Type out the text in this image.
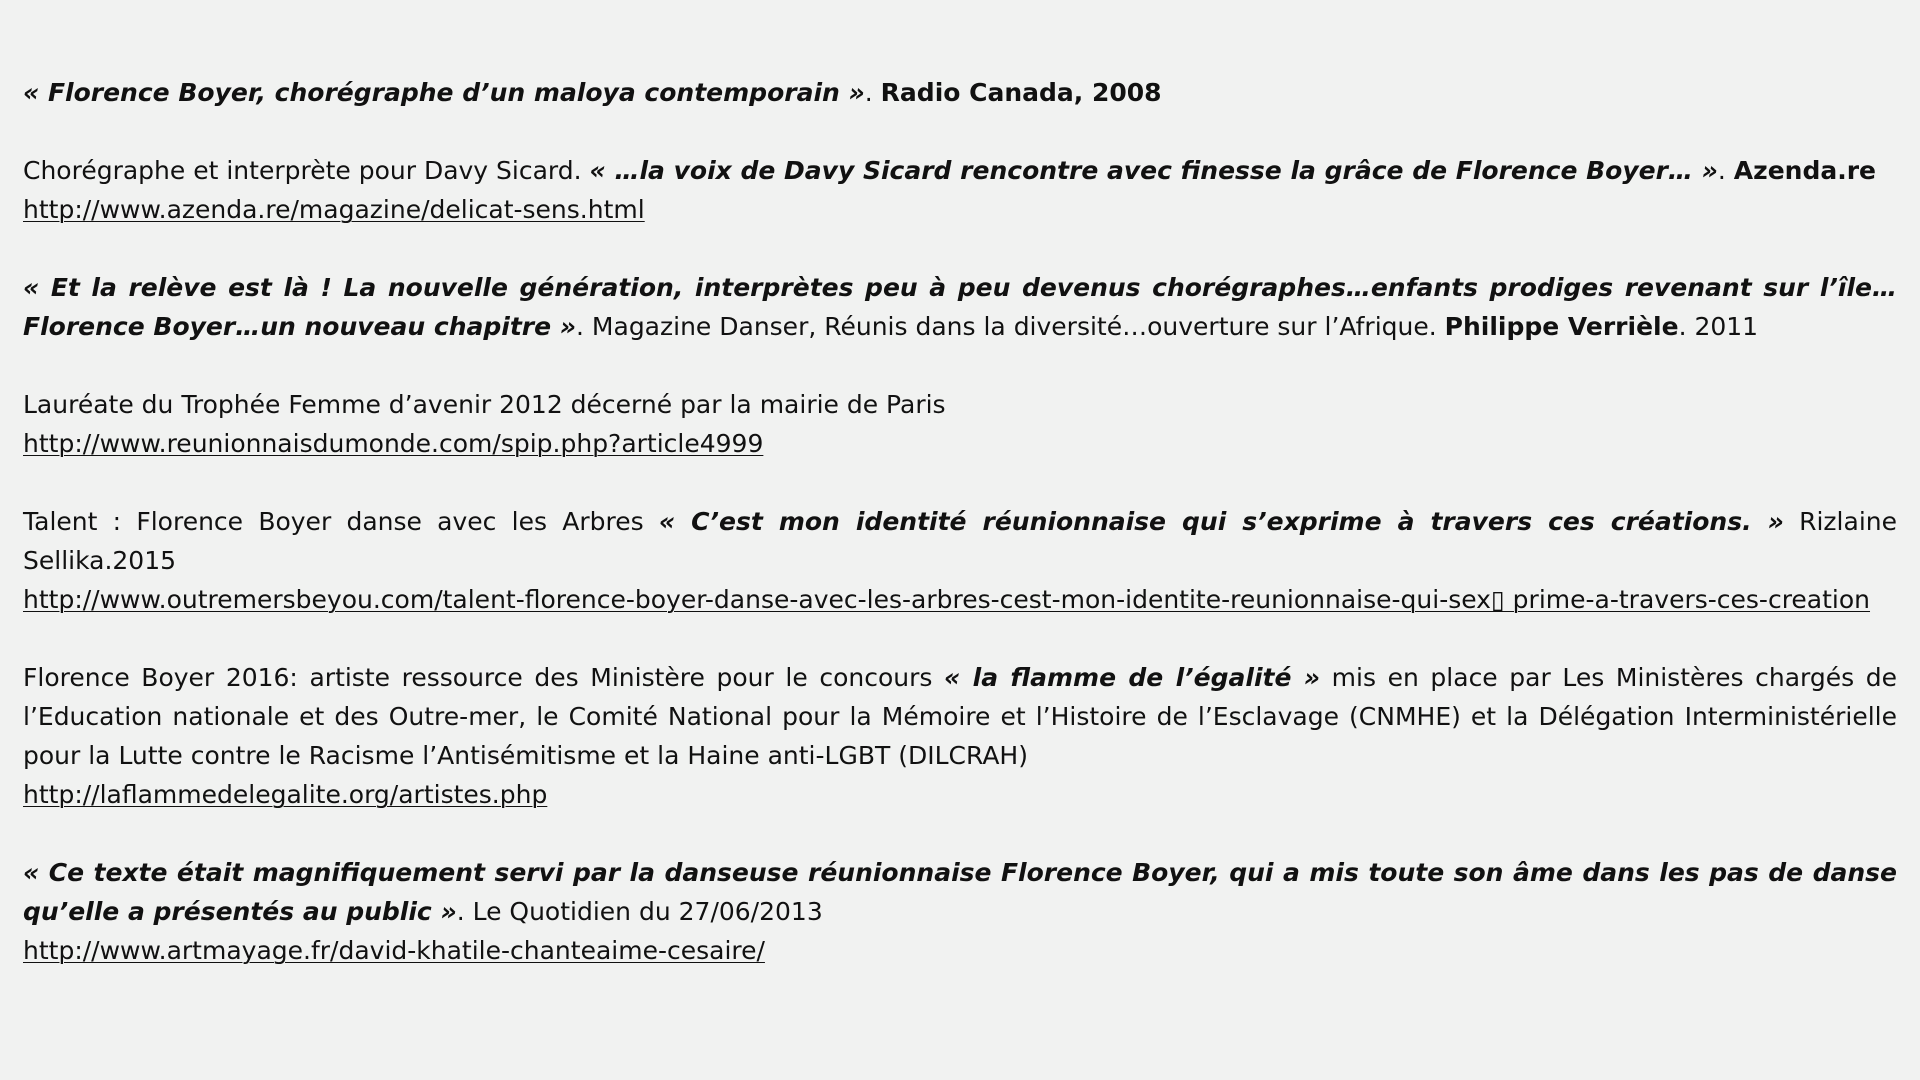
« Florence Boyer, chorégraphe d’un maloya contemporain ». Radio Canada, 2008

Chorégraphe et interprète pour Davy Sicard. « …la voix de Davy Sicard rencontre avec finesse la grâce de Florence Boyer… ». Azenda.re

http://www.azenda.re/magazine/delicat-sens.html

« Et la relève est là ! La nouvelle génération, interprètes peu à peu devenus chorégraphes…enfants prodiges revenant sur l’île… Florence Boyer…un nouveau chapitre ». Magazine Danser, Réunis dans la diversité…ouverture sur l’Afrique. Philippe Verrièle. 2011

Lauréate du Trophée Femme d’avenir 2012 décerné par la mairie de Paris

http://www.reunionnaisdumonde.com/spip.php?article4999

Talent : Florence Boyer danse avec les Arbres « C’est mon identité réunionnaise qui s’exprime à travers ces créations. » Rizlaine Sellika.2015

http://www.outremersbeyou.com/talent-florence-boyer-danse-avec-les-arbres-cest-mon-identite-reunionnaise-qui-sex▯ prime-a-travers-ces-creation

Florence Boyer 2016: artiste ressource des Ministère pour le concours « la flamme de l’égalité » mis en place par Les Ministères chargés de l’Education nationale et des Outre-mer, le Comité National pour la Mémoire et l’Histoire de l’Esclavage (CNMHE) et la Délégation Interministérielle pour la Lutte contre le Racisme l’Antisémitisme et la Haine anti-LGBT (DILCRAH)

http://laflammedelegalite.org/artistes.php

« Ce texte était magnifiquement servi par la danseuse réunionnaise Florence Boyer, qui a mis toute son âme dans les pas de danse qu’elle a présentés au public ». Le Quotidien du 27/06/2013

http://www.artmayage.fr/david-khatile-chanteaime-cesaire/
